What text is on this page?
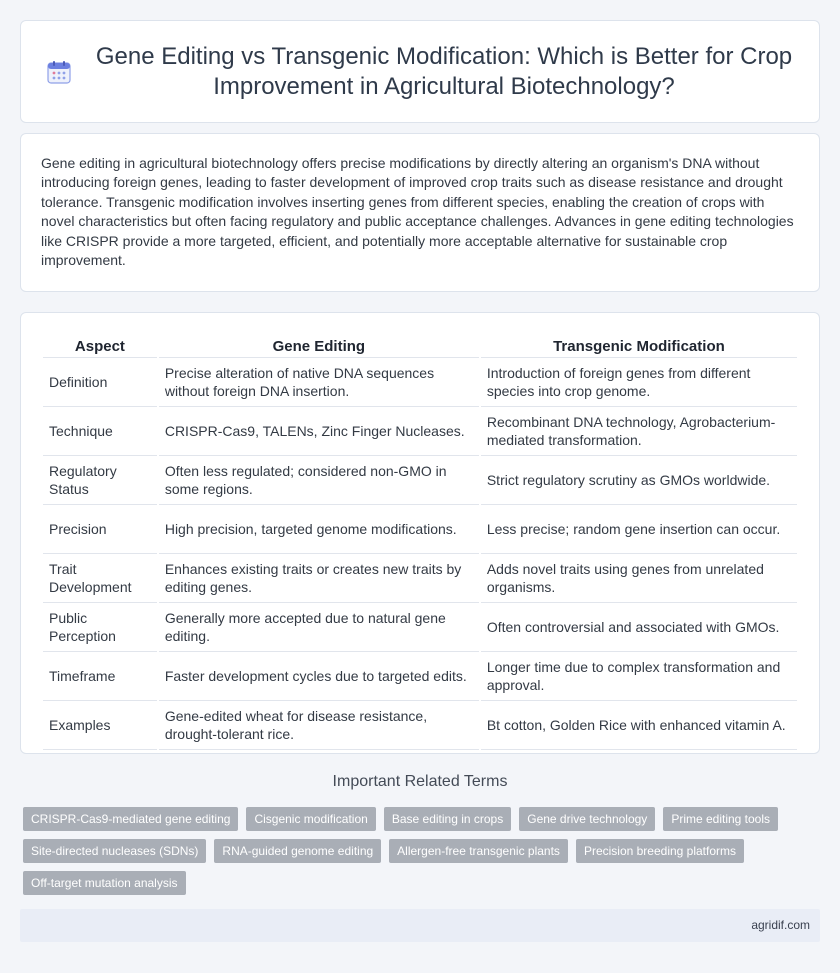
Gene Editing vs Transgenic Modification: Which is Better for Crop Improvement in Agricultural Biotechnology?

Gene editing in agricultural biotechnology offers precise modifications by directly altering an organism's DNA without introducing foreign genes, leading to faster development of improved crop traits such as disease resistance and drought tolerance. Transgenic modification involves inserting genes from different species, enabling the creation of crops with novel characteristics but often facing regulatory and public acceptance challenges. Advances in gene editing technologies like CRISPR provide a more targeted, efficient, and potentially more acceptable alternative for sustainable crop improvement.

Aspect	Gene Editing	Transgenic Modification
Definition	Precise alteration of native DNA sequences without foreign DNA insertion.	Introduction of foreign genes from different species into crop genome.
Technique	CRISPR-Cas9, TALENs, Zinc Finger Nucleases.	Recombinant DNA technology, Agrobacterium-mediated transformation.
Regulatory Status	Often less regulated; considered non-GMO in some regions.	Strict regulatory scrutiny as GMOs worldwide.
Precision	High precision, targeted genome modifications.	Less precise; random gene insertion can occur.
Trait Development	Enhances existing traits or creates new traits by editing genes.	Adds novel traits using genes from unrelated organisms.
Public Perception	Generally more accepted due to natural gene editing.	Often controversial and associated with GMOs.
Timeframe	Faster development cycles due to targeted edits.	Longer time due to complex transformation and approval.
Examples	Gene-edited wheat for disease resistance, drought-tolerant rice.	Bt cotton, Golden Rice with enhanced vitamin A.
Important Related Terms
CRISPR-Cas9-mediated gene editing	Cisgenic modification	Base editing in crops	Gene drive technology	Prime editing tools
Site-directed nucleases (SDNs)	RNA-guided genome editing	Allergen-free transgenic plants	Precision breeding platforms
Off-target mutation analysis
agridif.com
